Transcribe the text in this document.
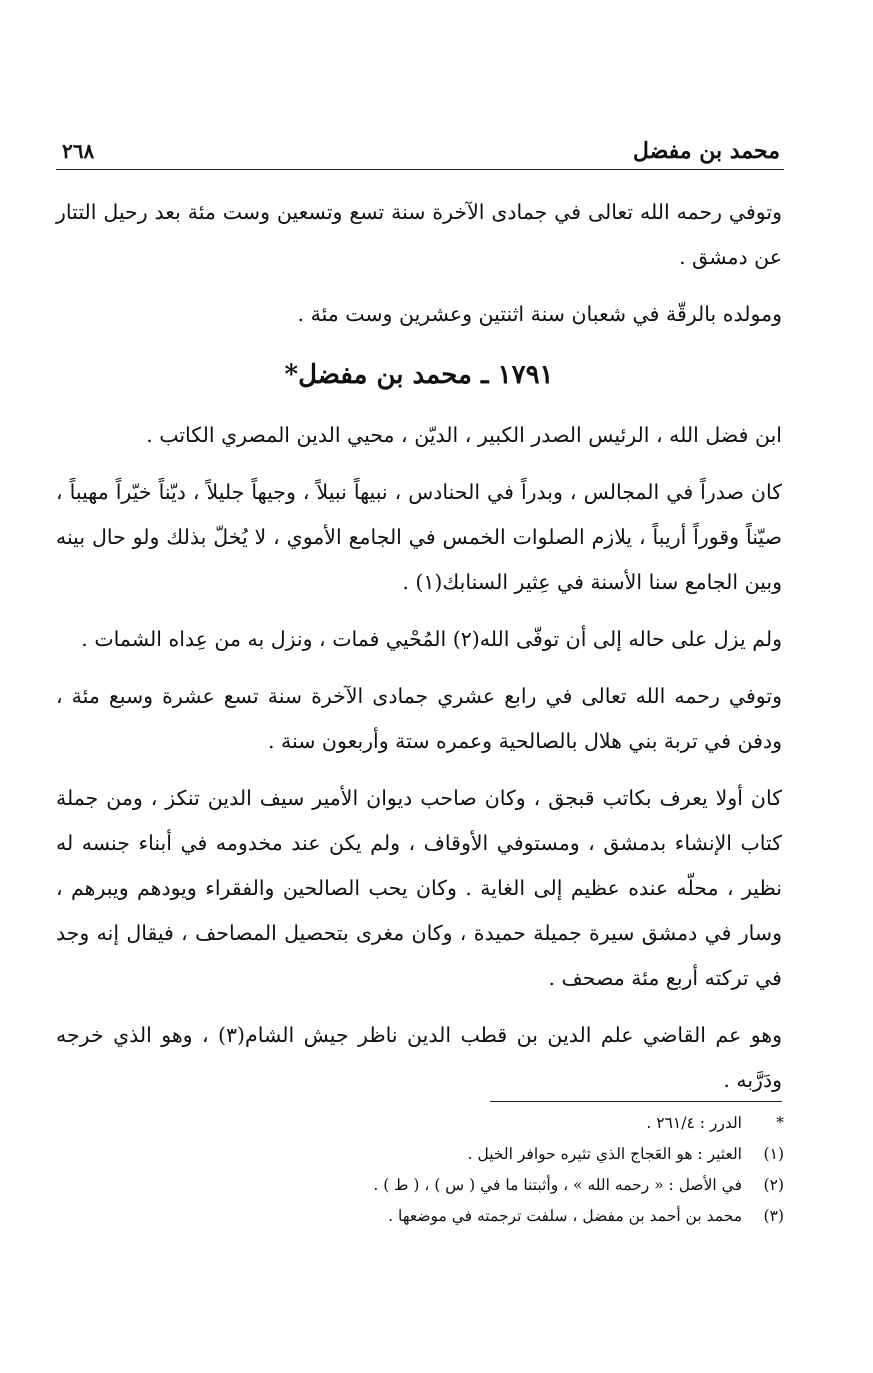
محمد بن مفضل
٢٦٨

وتوفي رحمه الله تعالى في جمادى الآخرة سنة تسع وتسعين وست مئة بعد رحيل التتار عن دمشق .

ومولده بالرقّة في شعبان سنة اثنتين وعشرين وست مئة .

١٧٩١ ـ محمد بن مفضل*

ابن فضل الله ، الرئيس الصدر الكبير ، الديّن ، محيي الدين المصري الكاتب .

كان صدراً في المجالس ، وبدراً في الحنادس ، نبيهاً نبيلاً ، وجيهاً جليلاً ، ديّناً خيّراً مهيباً ، صيّناً وقوراً أريباً ، يلازم الصلوات الخمس في الجامع الأموي ، لا يُخلّ بذلك ولو حال بينه وبين الجامع سنا الأسنة في عِثير السنابك(١) .

ولم يزل على حاله إلى أن توفّى الله(٢) المُحْيي فمات ، ونزل به من عِداه الشمات .

وتوفي رحمه الله تعالى في رابع عشري جمادى الآخرة سنة تسع عشرة وسبع مئة ، ودفن في تربة بني هلال بالصالحية وعمره ستة وأربعون سنة .

كان أولا يعرف بكاتب قبجق ، وكان صاحب ديوان الأمير سيف الدين تنكز ، ومن جملة كتاب الإنشاء بدمشق ، ومستوفي الأوقاف ، ولم يكن عند مخدومه في أبناء جنسه له نظير ، محلّه عنده عظيم إلى الغاية . وكان يحب الصالحين والفقراء ويودهم ويبرهم ، وسار في دمشق سيرة جميلة حميدة ، وكان مغرى بتحصيل المصاحف ، فيقال إنه وجد في تركته أربع مئة مصحف .

وهو عم القاضي علم الدين بن قطب الدين ناظر جيش الشام(٣) ، وهو الذي خرجه ودَرَّبه .

*
الدرر : ٢٦١/٤ .
(١)
العثير : هو العَجاج الذي تثيره حوافر الخيل .
(٢)
في الأصل : « رحمه الله » ، وأثبتنا ما في ( س ) ، ( ط ) .
(٣)
محمد بن أحمد بن مفضل ، سلفت ترجمته في موضعها .
